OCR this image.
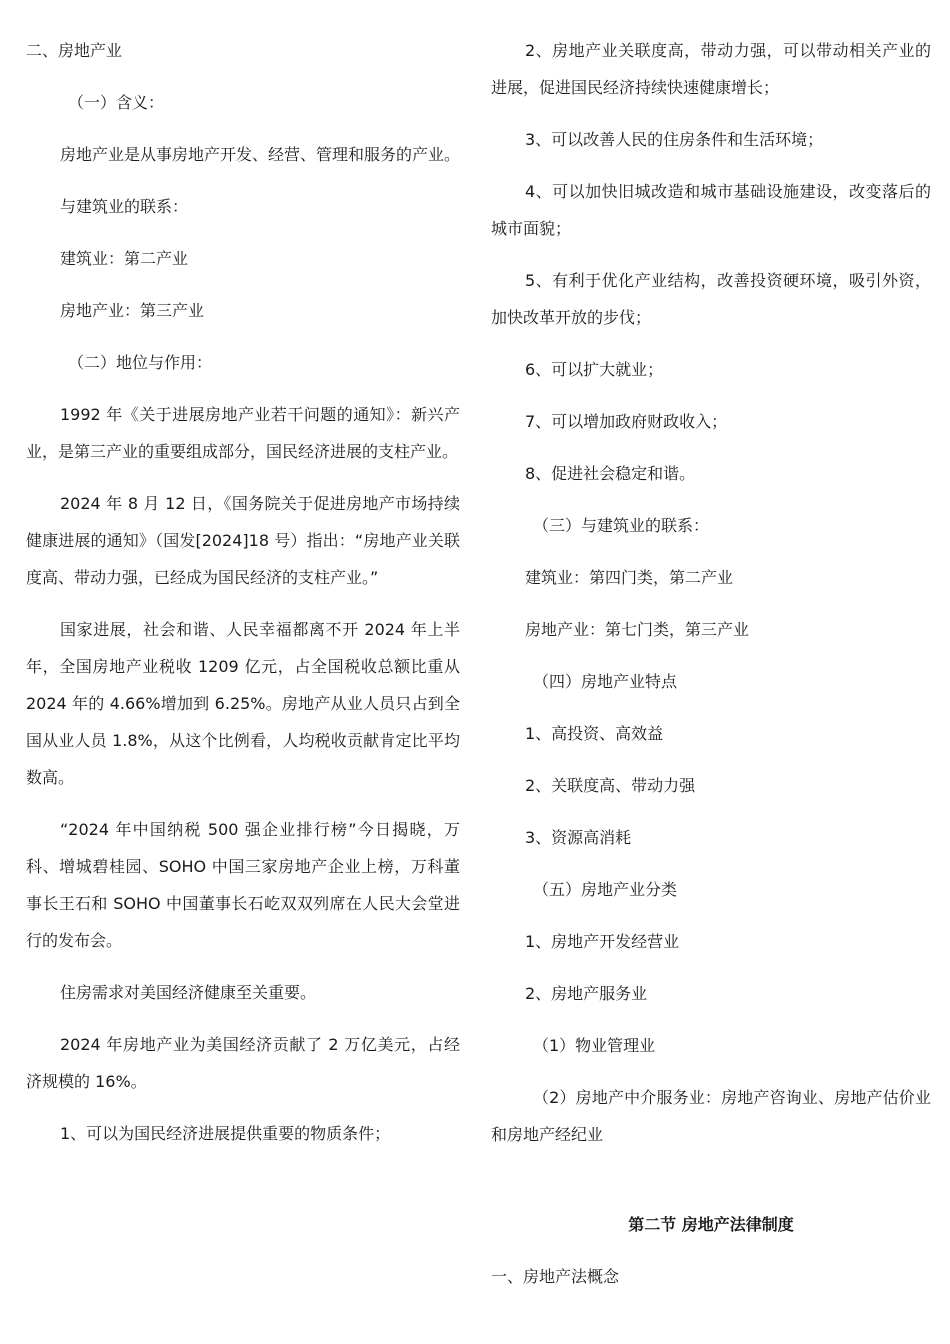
二、房地产业

（一）含义：

房地产业是从事房地产开发、经营、管理和服务的产业。

与建筑业的联系：

建筑业：第二产业

房地产业：第三产业

（二）地位与作用：

1992 年《关于进展房地产业若干问题的通知》：新兴产业，是第三产业的重要组成部分，国民经济进展的支柱产业。

2024 年 8 月 12 日，《国务院关于促进房地产市场持续健康进展的通知》（国发[2024]18 号）指出：“房地产业关联度高、带动力强，已经成为国民经济的支柱产业。”

国家进展，社会和谐、人民幸福都离不开 2024 年上半年，全国房地产业税收 1209 亿元，占全国税收总额比重从 2024 年的 4.66%增加到 6.25%。房地产从业人员只占到全国从业人员 1.8%，从这个比例看，人均税收贡献肯定比平均数高。

“2024 年中国纳税 500 强企业排行榜”今日揭晓，万科、增城碧桂园、SOHO 中国三家房地产企业上榜，万科董事长王石和 SOHO 中国董事长石屹双双列席在人民大会堂进行的发布会。

住房需求对美国经济健康至关重要。

2024 年房地产业为美国经济贡献了 2 万亿美元，占经济规模的 16%。

1、可以为国民经济进展提供重要的物质条件；

2、房地产业关联度高，带动力强，可以带动相关产业的进展，促进国民经济持续快速健康增长；

3、可以改善人民的住房条件和生活环境；

4、可以加快旧城改造和城市基础设施建设，改变落后的城市面貌；

5、有利于优化产业结构，改善投资硬环境，吸引外资，加快改革开放的步伐；

6、可以扩大就业；

7、可以增加政府财政收入；

8、促进社会稳定和谐。

（三）与建筑业的联系：

建筑业：第四门类，第二产业

房地产业：第七门类，第三产业

（四）房地产业特点

1、高投资、高效益

2、关联度高、带动力强

3、资源高消耗

（五）房地产业分类

1、房地产开发经营业

2、房地产服务业

（1）物业管理业

（2）房地产中介服务业：房地产咨询业、房地产估价业和房地产经纪业

第二节 房地产法律制度

一、房地产法概念
